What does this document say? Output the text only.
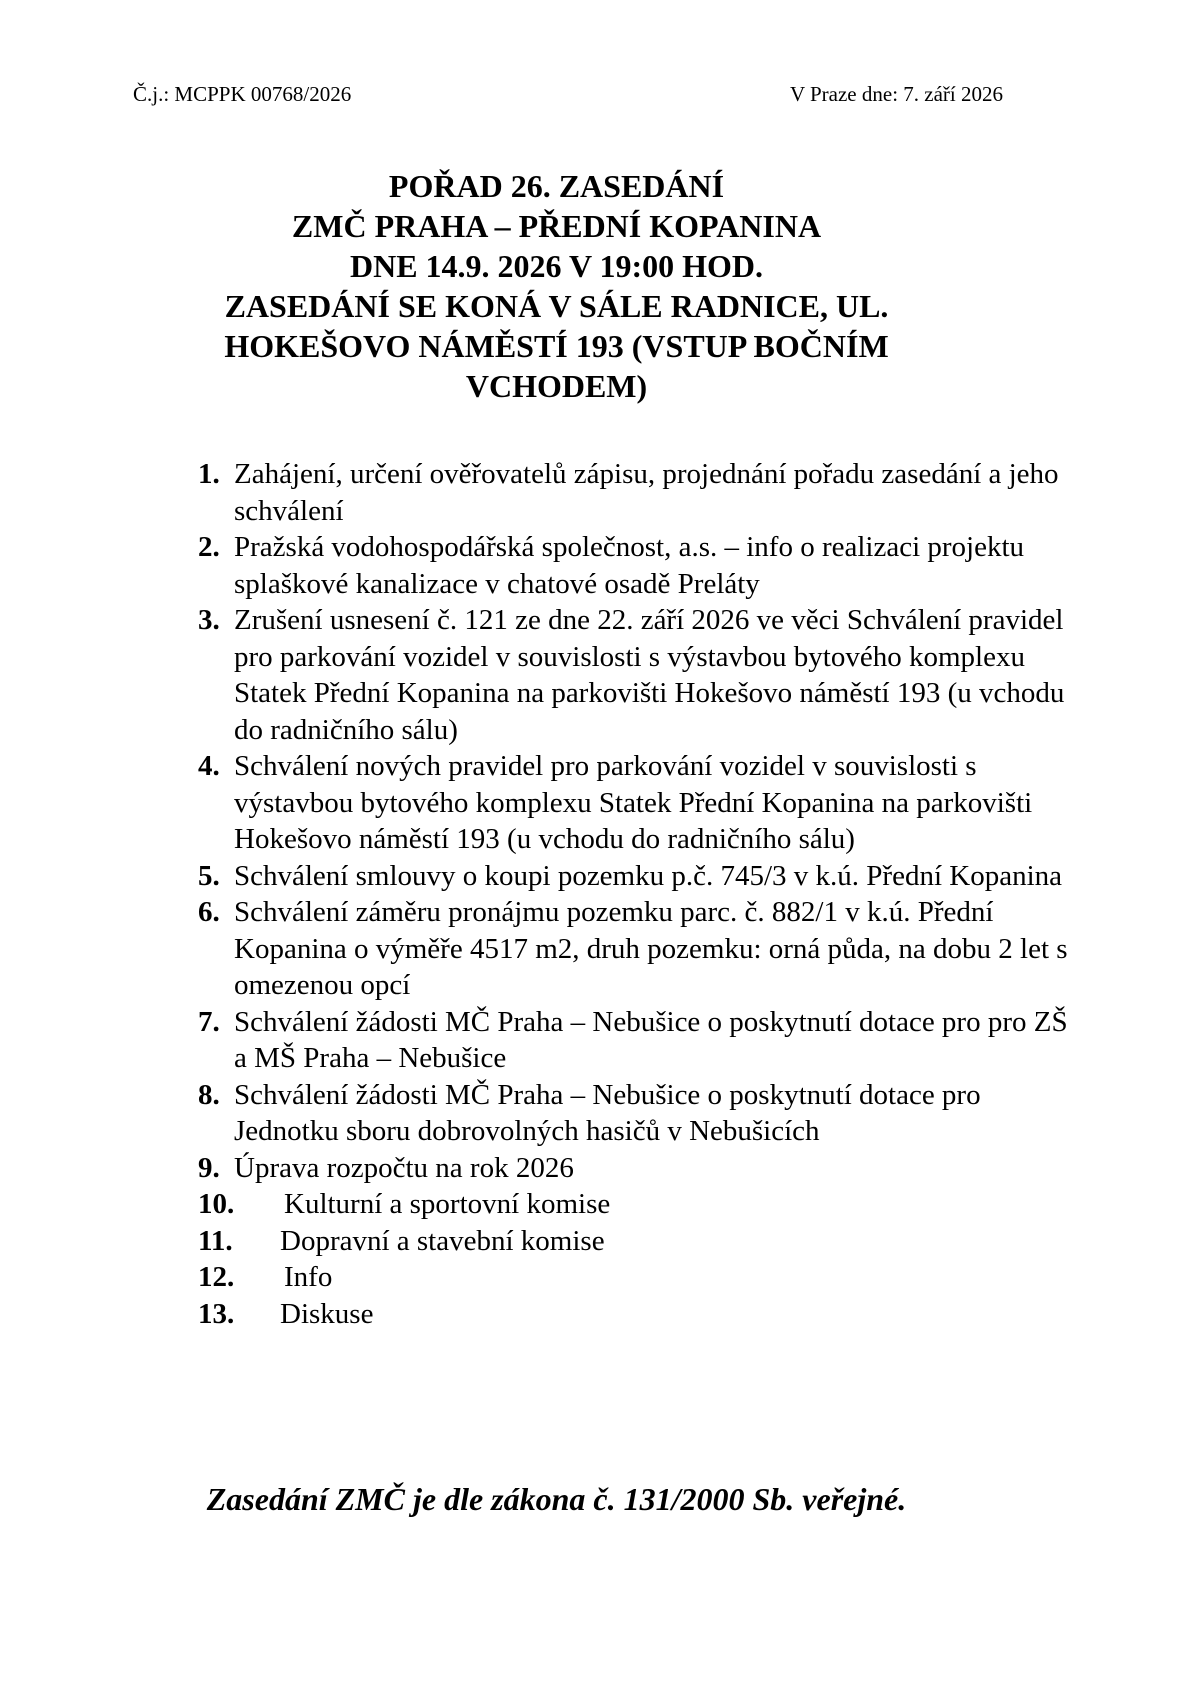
Č.j.: MCPPK 00768/2026	V Praze dne: 7. září 2026
POŘAD 26. ZASEDÁNÍ
ZMČ PRAHA – PŘEDNÍ KOPANINA
DNE 14.9. 2026 V 19:00 HOD.
ZASEDÁNÍ SE KONÁ V SÁLE RADNICE, UL.
HOKEŠOVO NÁMĚSTÍ 193 (VSTUP BOČNÍM
VCHODEM)
1. Zahájení, určení ověřovatelů zápisu, projednání pořadu zasedání a jeho schválení
2. Pražská vodohospodářská společnost, a.s. – info o realizaci projektu splaškové kanalizace v chatové osadě Preláty
3. Zrušení usnesení č. 121 ze dne 22. září 2026 ve věci Schválení pravidel pro parkování vozidel v souvislosti s výstavbou bytového komplexu Statek Přední Kopanina na parkovišti Hokešovo náměstí 193 (u vchodu do radničního sálu)
4. Schválení nových pravidel pro parkování vozidel v souvislosti s výstavbou bytového komplexu Statek Přední Kopanina na parkovišti Hokešovo náměstí 193 (u vchodu do radničního sálu)
5. Schválení smlouvy o koupi pozemku p.č. 745/3 v k.ú. Přední Kopanina
6. Schválení záměru pronájmu pozemku parc. č. 882/1 v k.ú. Přední Kopanina o výměře 4517 m2, druh pozemku: orná půda, na dobu 2 let s omezenou opcí
7. Schválení žádosti MČ Praha – Nebušice o poskytnutí dotace pro pro ZŠ a MŠ Praha – Nebušice
8. Schválení žádosti MČ Praha – Nebušice o poskytnutí dotace pro Jednotku sboru dobrovolných hasičů v Nebušicích
9. Úprava rozpočtu na rok 2026
10.	Kulturní a sportovní komise
11.	Dopravní a stavební komise
12.	Info
13.	Diskuse
Zasedání ZMČ je dle zákona č. 131/2000 Sb. veřejné.
